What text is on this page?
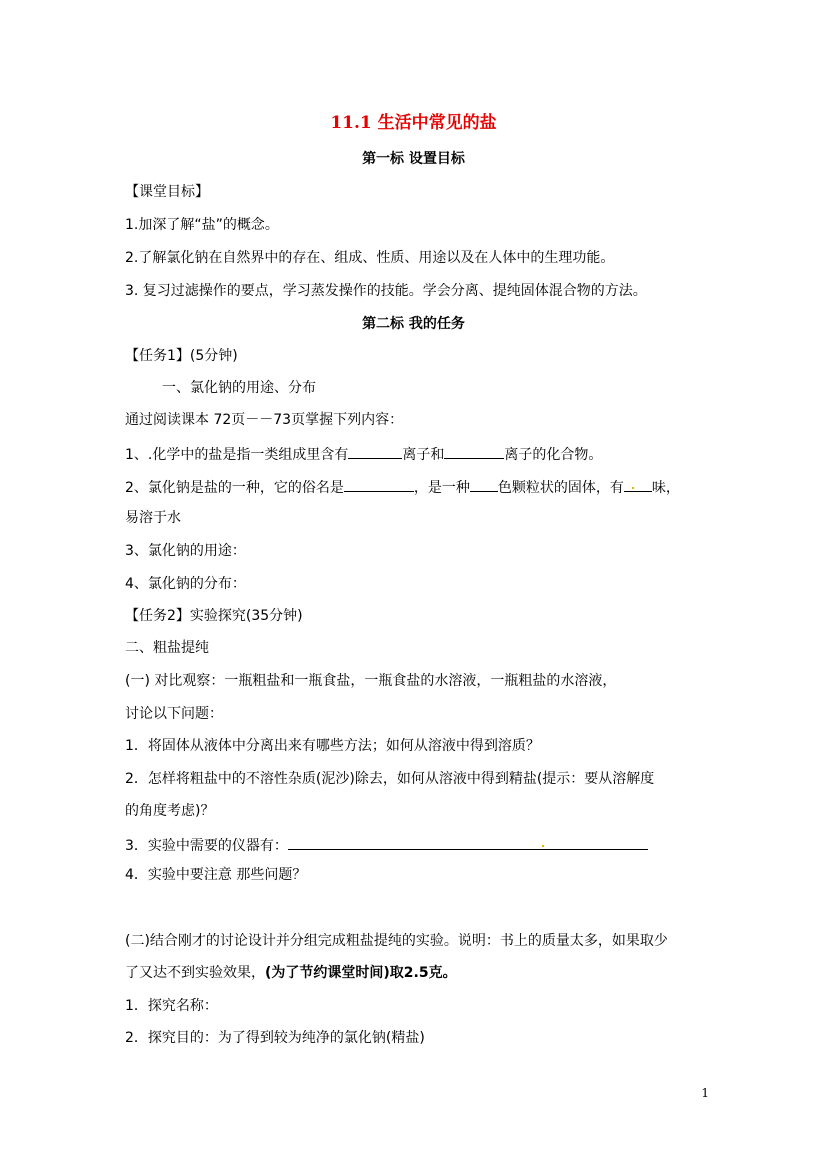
11.1 生活中常见的盐
第一标 设置目标
【课堂目标】
1.加深了解“盐”的概念。
2.了解氯化钠在自然界中的存在、组成、性质、用途以及在人体中的生理功能。
3. 复习过滤操作的要点，学习蒸发操作的技能。学会分离、提纯固体混合物的方法。
第二标 我的任务
【任务1】(5分钟)
一、氯化钠的用途、分布
通过阅读课本 72页－－73页掌握下列内容：
1、.化学中的盐是指一类组成里含有	离子和	离子的化合物。
2、氯化钠是盐的一种，它的俗名是	，是一种 色颗粒状的固体，有 味，
易溶于水
3、氯化钠的用途：
4、氯化钠的分布：
【任务2】实验探究(35分钟)
二、粗盐提纯
(一) 对比观察：一瓶粗盐和一瓶食盐，一瓶食盐的水溶液，一瓶粗盐的水溶液，
讨论以下问题：
1．将固体从液体中分离出来有哪些方法；如何从溶液中得到溶质？
2．怎样将粗盐中的不溶性杂质(泥沙)除去，如何从溶液中得到精盐(提示：要从溶解度
的角度考虑)？
3．实验中需要的仪器有：
4．实验中要注意 那些问题？
(二)结合刚才的讨论设计并分组完成粗盐提纯的实验。说明：书上的质量太多，如果取少
了又达不到实验效果，(为了节约课堂时间)取2.5克。
1．探究名称：
2．探究目的：为了得到较为纯净的氯化钠(精盐)
1
